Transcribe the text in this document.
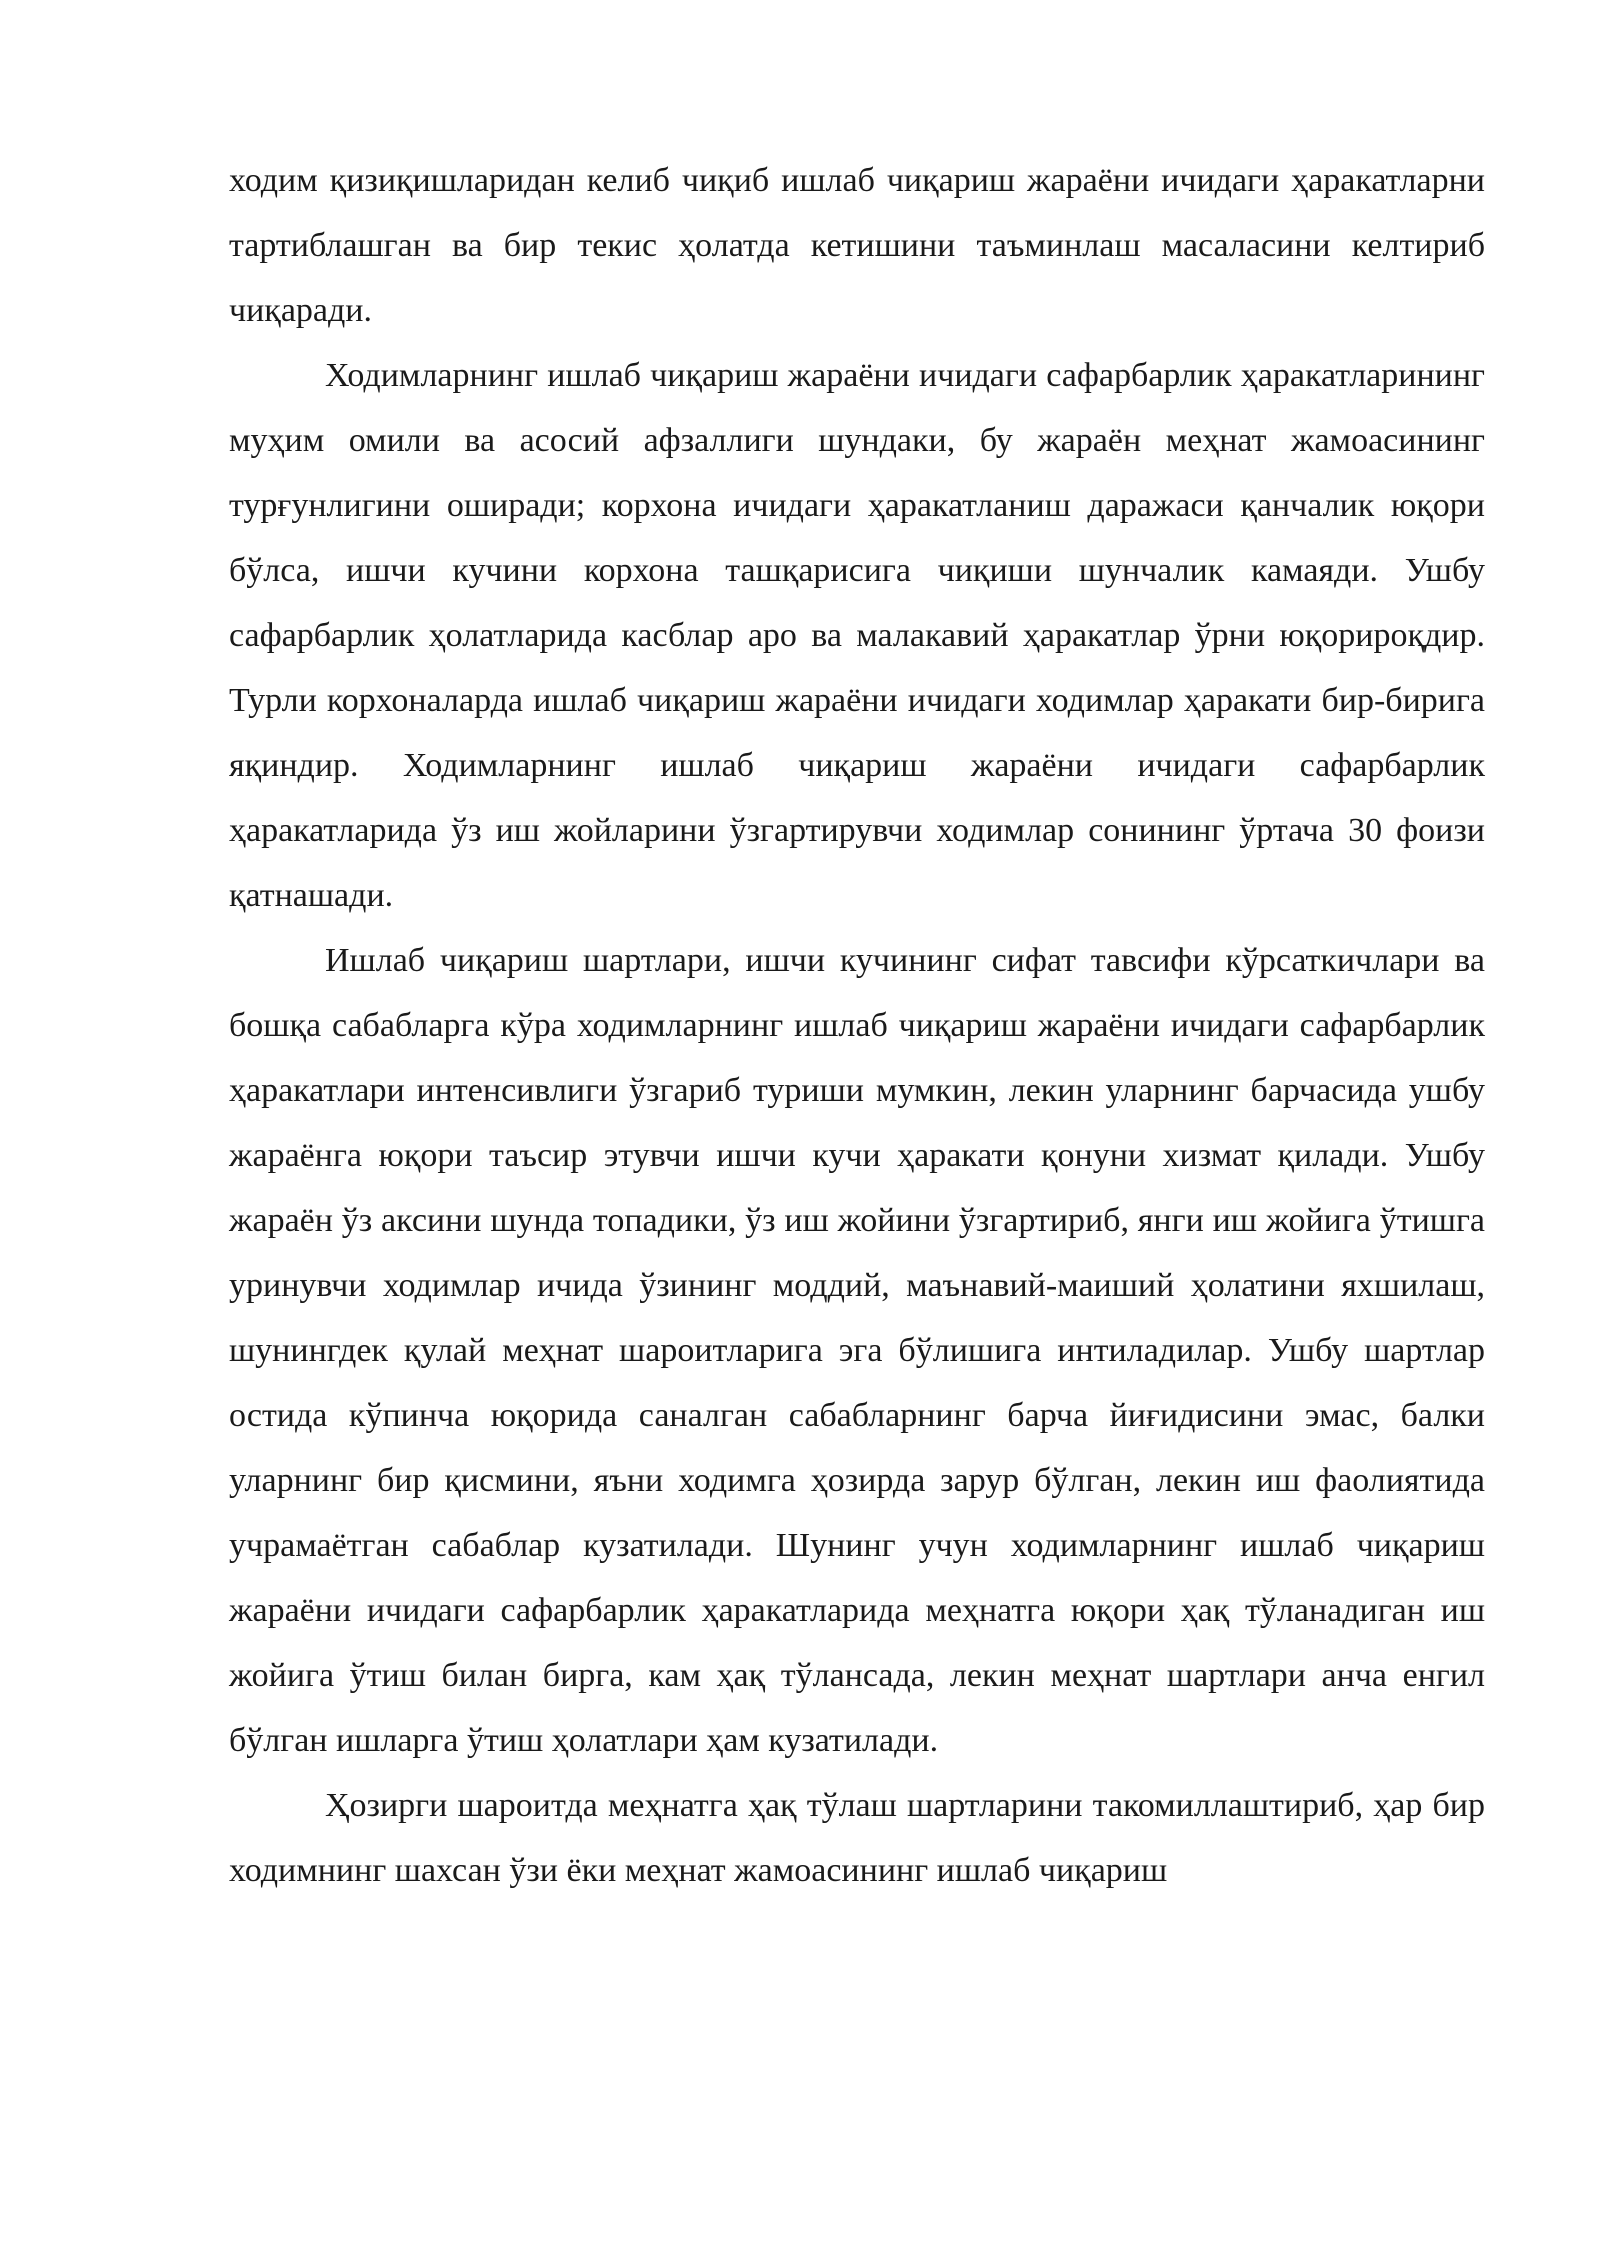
ходим қизиқишларидан келиб чиқиб ишлаб чиқариш жараёни ичидаги ҳаракатларни тартиблашган ва бир текис ҳолатда кетишини таъминлаш масаласини келтириб чиқаради.

Ходимларнинг ишлаб чиқариш жараёни ичидаги сафарбарлик ҳаракатларининг муҳим омили ва асосий афзаллиги шундаки, бу жараён меҳнат жамоасининг турғунлигини оширади; корхона ичидаги ҳаракатланиш даражаси қанчалик юқори бўлса, ишчи кучини корхона ташқарисига чиқиши шунчалик камаяди. Ушбу сафарбарлик ҳолатларида касблар аро ва малакавий ҳаракатлар ўрни юқорироқдир. Турли корхоналарда ишлаб чиқариш жараёни ичидаги ходимлар ҳаракати бир-бирига яқиндир. Ходимларнинг ишлаб чиқариш жараёни ичидаги сафарбарлик ҳаракатларида ўз иш жойларини ўзгартирувчи ходимлар сонининг ўртача 30 фоизи қатнашади.

Ишлаб чиқариш шартлари, ишчи кучининг сифат тавсифи кўрсаткичлари ва бошқа сабабларга кўра ходимларнинг ишлаб чиқариш жараёни ичидаги сафарбарлик ҳаракатлари интенсивлиги ўзгариб туриши мумкин, лекин уларнинг барчасида ушбу жараёнга юқори таъсир этувчи ишчи кучи ҳаракати қонуни хизмат қилади. Ушбу жараён ўз аксини шунда топадики, ўз иш жойини ўзгартириб, янги иш жойига ўтишга уринувчи ходимлар ичида ўзининг моддий, маънавий-маиший ҳолатини яхшилаш, шунингдек қулай меҳнат шароитларига эга бўлишига интиладилар. Ушбу шартлар остида кўпинча юқорида саналган сабабларнинг барча йиғидисини эмас, балки уларнинг бир қисмини, яъни ходимга ҳозирда зарур бўлган, лекин иш фаолиятида учрамаётган сабаблар кузатилади. Шунинг учун ходимларнинг ишлаб чиқариш жараёни ичидаги сафарбарлик ҳаракатларида меҳнатга юқори ҳақ тўланадиган иш жойига ўтиш билан бирга, кам ҳақ тўлансада, лекин меҳнат шартлари анча енгил бўлган ишларга ўтиш ҳолатлари ҳам кузатилади.

Ҳозирги шароитда меҳнатга ҳақ тўлаш шартларини такомиллаштириб, ҳар бир ходимнинг шахсан ўзи ёки меҳнат жамоасининг ишлаб чиқариш
